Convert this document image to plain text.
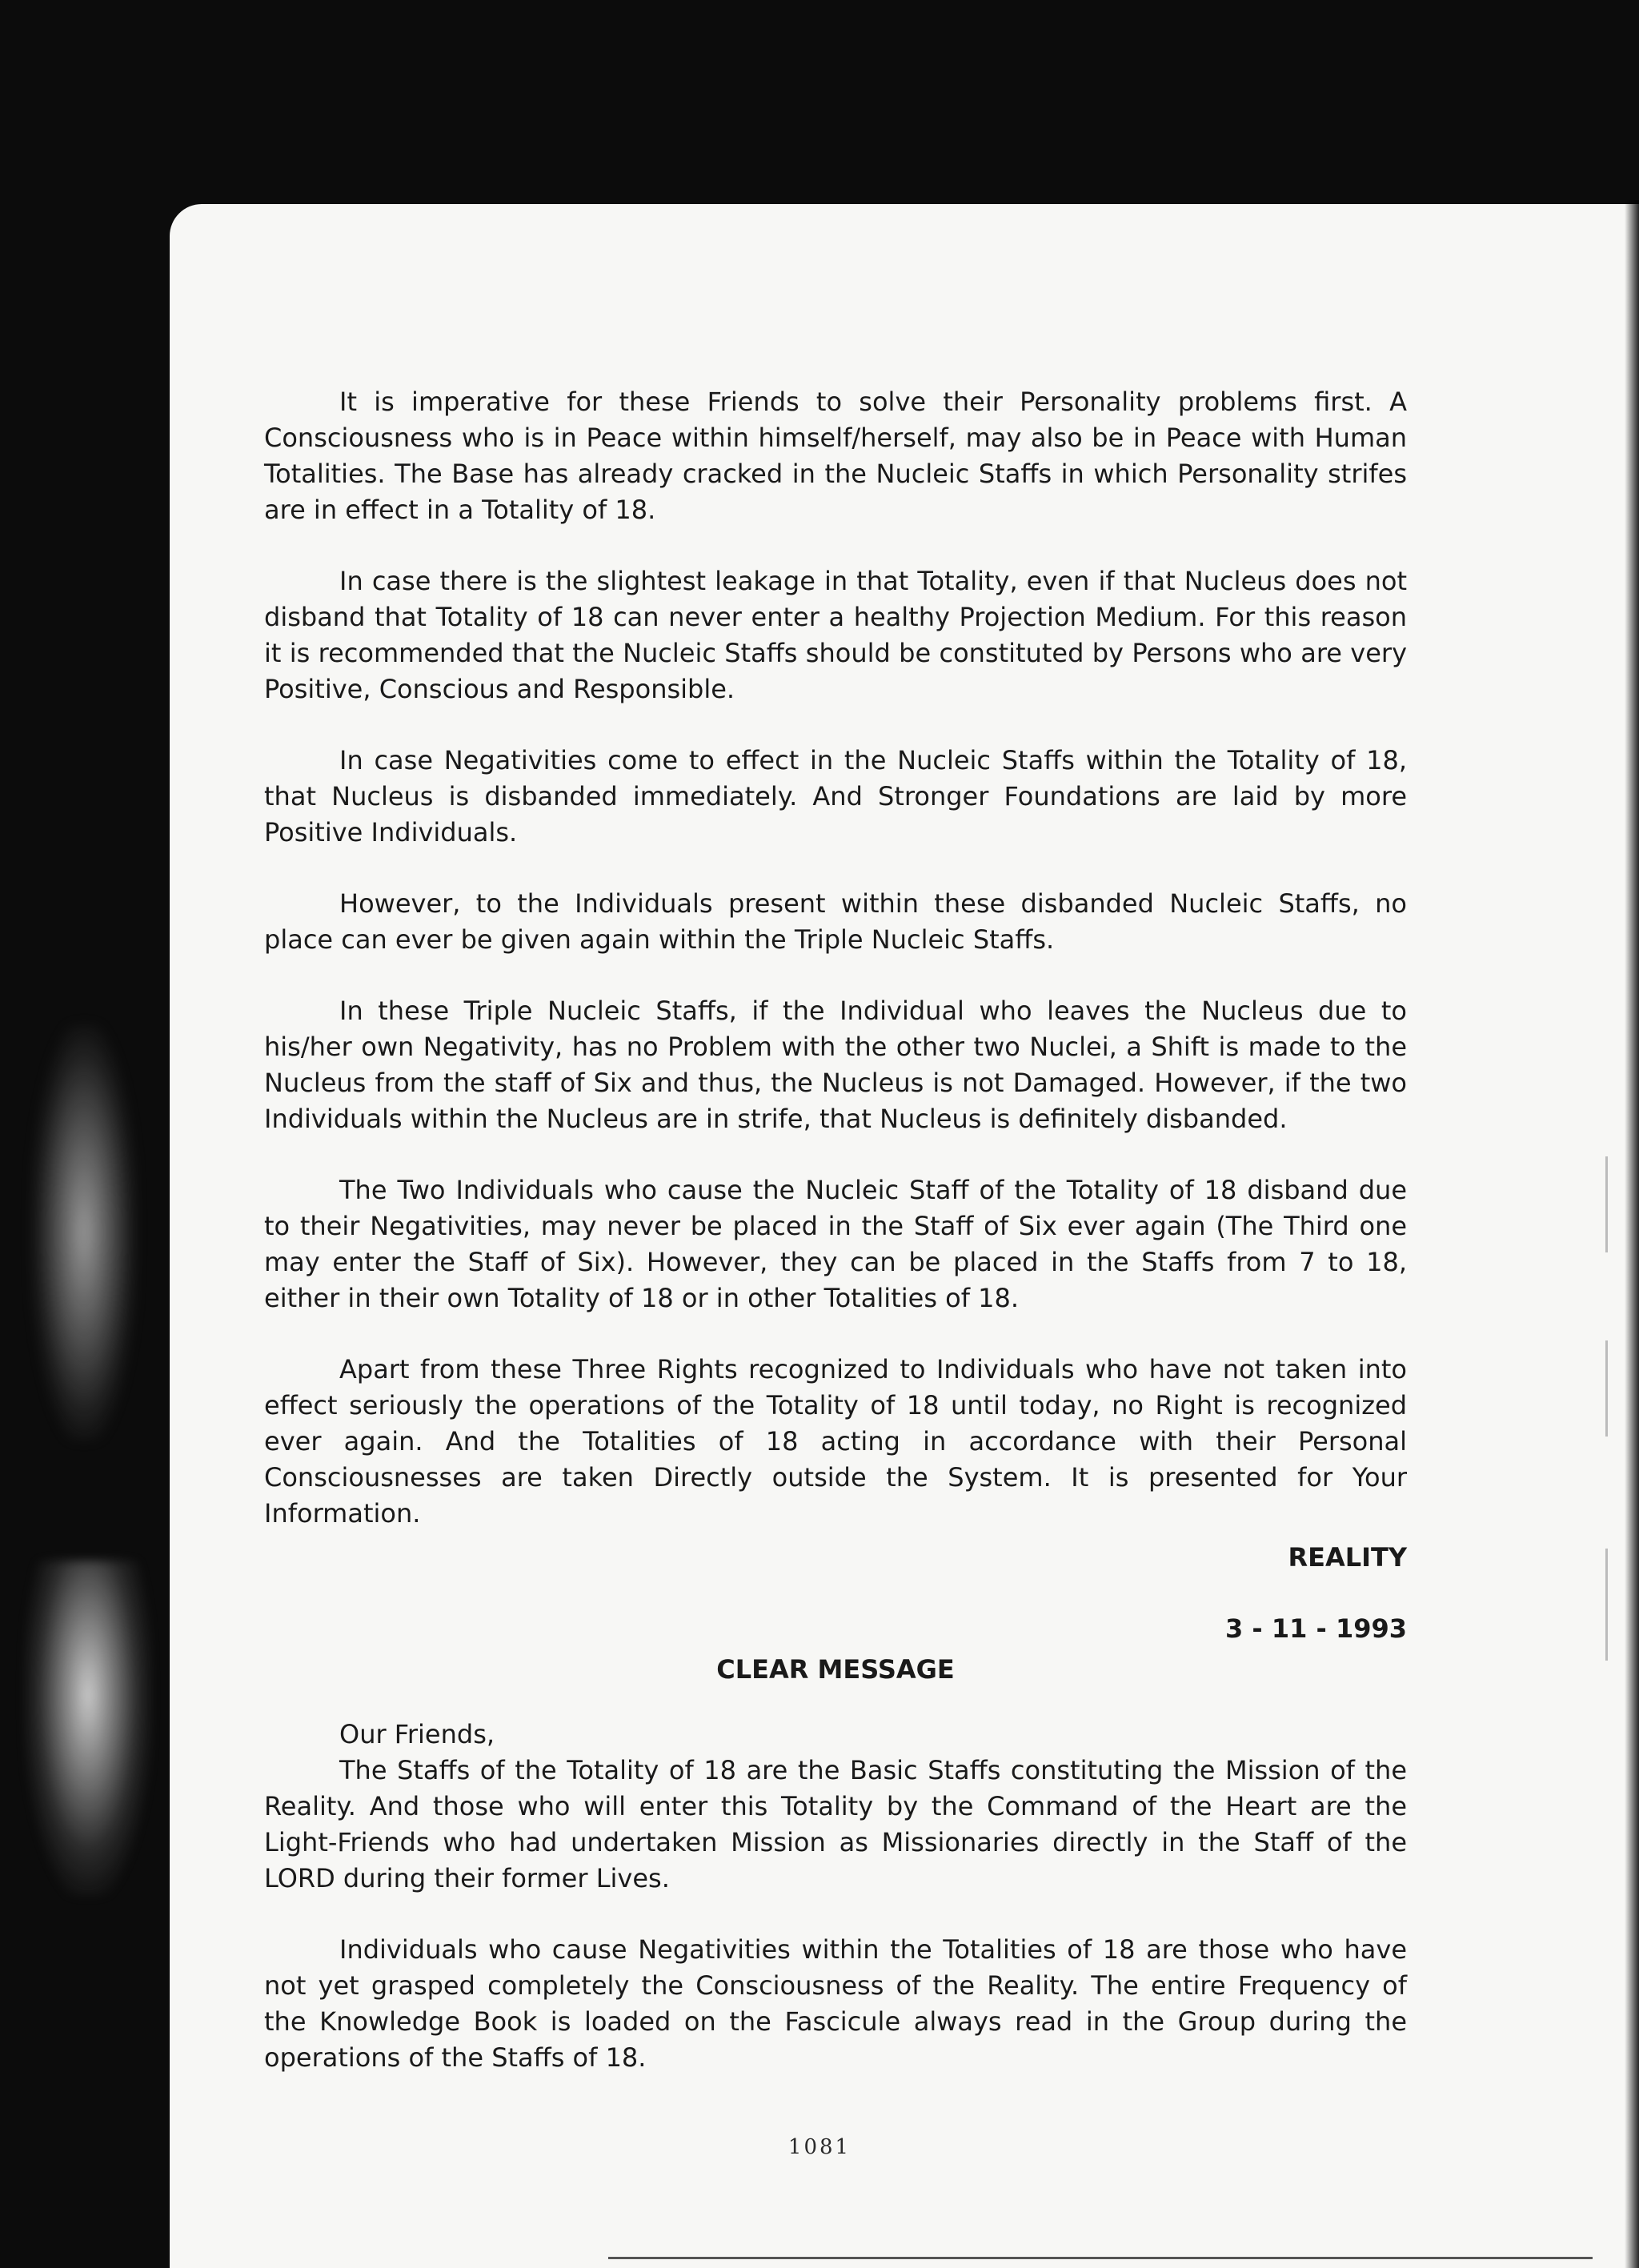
It is imperative for these Friends to solve their Personality problems first. A Consciousness who is in Peace within himself/herself, may also be in Peace with Human Totalities. The Base has already cracked in the Nucleic Staffs in which Personality strifes are in effect in a Totality of 18.

In case there is the slightest leakage in that Totality, even if that Nucleus does not disband that Totality of 18 can never enter a healthy Projection Medium. For this reason it is recommended that the Nucleic Staffs should be constituted by Persons who are very Positive, Conscious and Responsible.

In case Negativities come to effect in the Nucleic Staffs within the Totality of 18, that Nucleus is disbanded immediately. And Stronger Foundations are laid by more Positive Individuals.

However, to the Individuals present within these disbanded Nucleic Staffs, no place can ever be given again within the Triple Nucleic Staffs.

In these Triple Nucleic Staffs, if the Individual who leaves the Nucleus due to his/her own Negativity, has no Problem with the other two Nuclei, a Shift is made to the Nucleus from the staff of Six and thus, the Nucleus is not Damaged. However, if the two Individuals within the Nucleus are in strife, that Nucleus is definitely disbanded.

The Two Individuals who cause the Nucleic Staff of the Totality of 18 disband due to their Negativities, may never be placed in the Staff of Six ever again (The Third one may enter the Staff of Six). However, they can be placed in the Staffs from 7 to 18, either in their own Totality of 18 or in other Totalities of 18.

Apart from these Three Rights recognized to Individuals who have not taken into effect seriously the operations of the Totality of 18 until today, no Right is recognized ever again. And the Totalities of 18 acting in accordance with their Personal Consciousnesses are taken Directly outside the System. It is presented for Your Information.

REALITY

3 - 11 - 1993

CLEAR MESSAGE

Our Friends,

The Staffs of the Totality of 18 are the Basic Staffs constituting the Mission of the Reality. And those who will enter this Totality by the Command of the Heart are the Light-Friends who had undertaken Mission as Missionaries directly in the Staff of the LORD during their former Lives.

Individuals who cause Negativities within the Totalities of 18 are those who have not yet grasped completely the Consciousness of the Reality. The entire Frequency of the Knowledge Book is loaded on the Fascicule always read in the Group during the operations of the Staffs of 18.

1081
